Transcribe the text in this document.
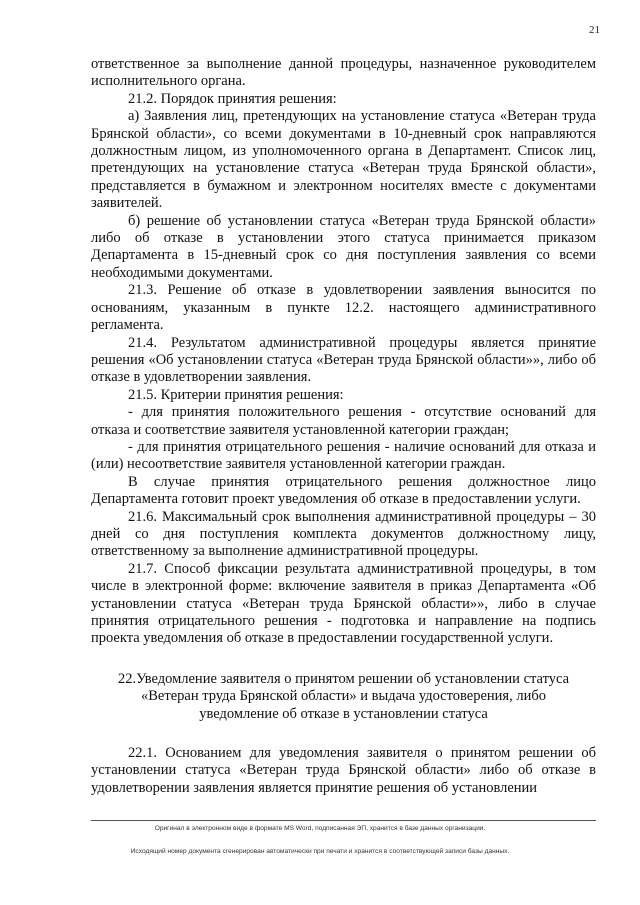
21

ответственное за выполнение данной процедуры, назначенное руководителем исполнительного органа.

21.2. Порядок принятия решения:

а) Заявления лиц, претендующих на установление статуса «Ветеран труда Брянской области», со всеми документами в 10-дневный срок направляются должностным лицом, из уполномоченного органа в Департамент. Список лиц, претендующих на установление статуса «Ветеран труда Брянской области», представляется в бумажном и электронном носителях вместе с документами заявителей.

б) решение об установлении статуса «Ветеран труда Брянской области» либо об отказе в установлении этого статуса принимается приказом Департамента в 15-дневный срок со дня поступления заявления со всеми необходимыми документами.

21.3. Решение об отказе в удовлетворении заявления выносится по основаниям, указанным в пункте 12.2. настоящего административного регламента.

21.4. Результатом административной процедуры является принятие решения «Об установлении статуса «Ветеран труда Брянской области»», либо об отказе в удовлетворении заявления.

21.5. Критерии принятия решения:

- для принятия положительного решения - отсутствие оснований для отказа и соответствие заявителя установленной категории граждан;

- для принятия отрицательного решения - наличие оснований для отказа и (или) несоответствие заявителя установленной категории граждан.

В случае принятия отрицательного решения должностное лицо Департамента готовит проект уведомления об отказе в предоставлении услуги.

21.6. Максимальный срок выполнения административной процедуры – 30 дней со дня поступления комплекта документов должностному лицу, ответственному за выполнение административной процедуры.

21.7. Способ фиксации результата административной процедуры, в том числе в электронной форме: включение заявителя в приказ Департамента «Об установлении статуса «Ветеран труда Брянской области»», либо в случае принятия отрицательного решения - подготовка и направление на подпись проекта уведомления об отказе в предоставлении государственной услуги.

22.Уведомление заявителя о принятом решении об установлении статуса «Ветеран труда Брянской области» и выдача удостоверения, либо уведомление об отказе в установлении статуса

22.1. Основанием для уведомления заявителя о принятом решении об установлении статуса «Ветеран труда Брянской области» либо об отказе в удовлетворении заявления является принятие решения об установлении

Оригинал в электронном виде в формате MS Word, подписанная ЭП, хранится в базе данных организации.
Исходящий номер документа сгенерирован автоматически при печати и хранится в соответствующей записи базы данных.
